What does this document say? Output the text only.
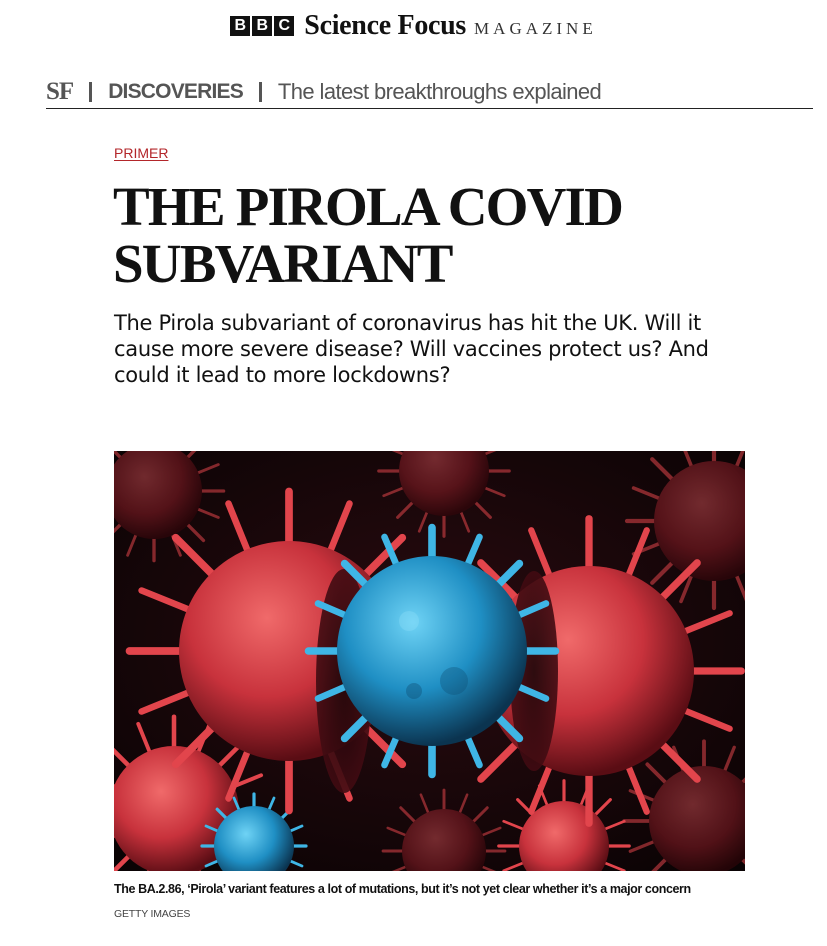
B B C Science Focus MAGAZINE
SF DISCOVERIES The latest breakthroughs explained
PRIMER
THE PIROLA COVID
SUBVARIANT

The Pirola subvariant of coronavirus has hit the UK. Will it cause more severe disease? Will vaccines protect us? And could it lead to more lockdowns?

The BA.2.86, ‘Pirola’ variant features a lot of mutations, but it’s not yet clear whether it’s a major concern
GETTY IMAGES
